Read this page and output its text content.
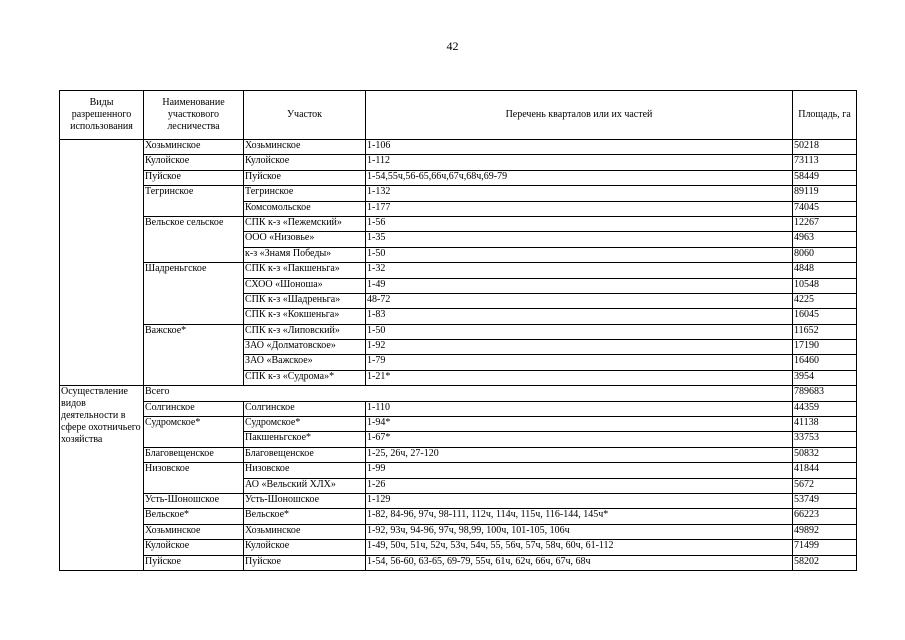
42
Виды разрешенного использования	Наименование участкового лесничества	Участок	Перечень кварталов или их частей	Площадь, га
	Хозьминское	Хозьминское	1-106	50218
	Кулойское	Кулойское	1-112	73113
	Пуйское	Пуйское	1-54,55ч,56-65,66ч,67ч,68ч,69-79	58449
	Тегринское	Тегринское	1-132	89119
		Комсомольское	1-177	74045
	Вельское сельское	СПК к-з «Пежемский»	1-56	12267
		ООО «Низовье»	1-35	4963
		к-з «Знамя Победы»	1-50	8060
	Шадреньгское	СПК к-з «Пакшеньга»	1-32	4848
		СХОО «Шоноша»	1-49	10548
		СПК к-з «Шадреньга»	48-72	4225
		СПК к-з «Кокшеньга»	1-83	16045
	Важское*	СПК к-з «Липовский»	1-50	11652
		ЗАО «Долматовское»	1-92	17190
		ЗАО «Важское»	1-79	16460
		СПК к-з «Судрома»*	1-21*	3954
Осуществление видов деятельности в сфере охотничьего хозяйства	Всего			789683
	Солгинское	Солгинское	1-110	44359
	Судромское*	Судромское*	1-94*	41138
		Пакшеньгское*	1-67*	33753
	Благовещенское	Благовещенское	1-25, 26ч, 27-120	50832
	Низовское	Низовское	1-99	41844
		АО «Вельский ХЛХ»	1-26	5672
	Усть-Шоношское	Усть-Шоношское	1-129	53749
	Вельское*	Вельское*	1-82, 84-96, 97ч, 98-111, 112ч, 114ч, 115ч, 116-144, 145ч*	66223
	Хозьминское	Хозьминское	1-92, 93ч, 94-96, 97ч, 98,99, 100ч, 101-105, 106ч	49892
	Кулойское	Кулойское	1-49, 50ч, 51ч, 52ч, 53ч, 54ч, 55, 56ч, 57ч, 58ч, 60ч, 61-112	71499
	Пуйское	Пуйское	1-54, 56-60, 63-65, 69-79, 55ч, 61ч, 62ч, 66ч, 67ч, 68ч	58202
